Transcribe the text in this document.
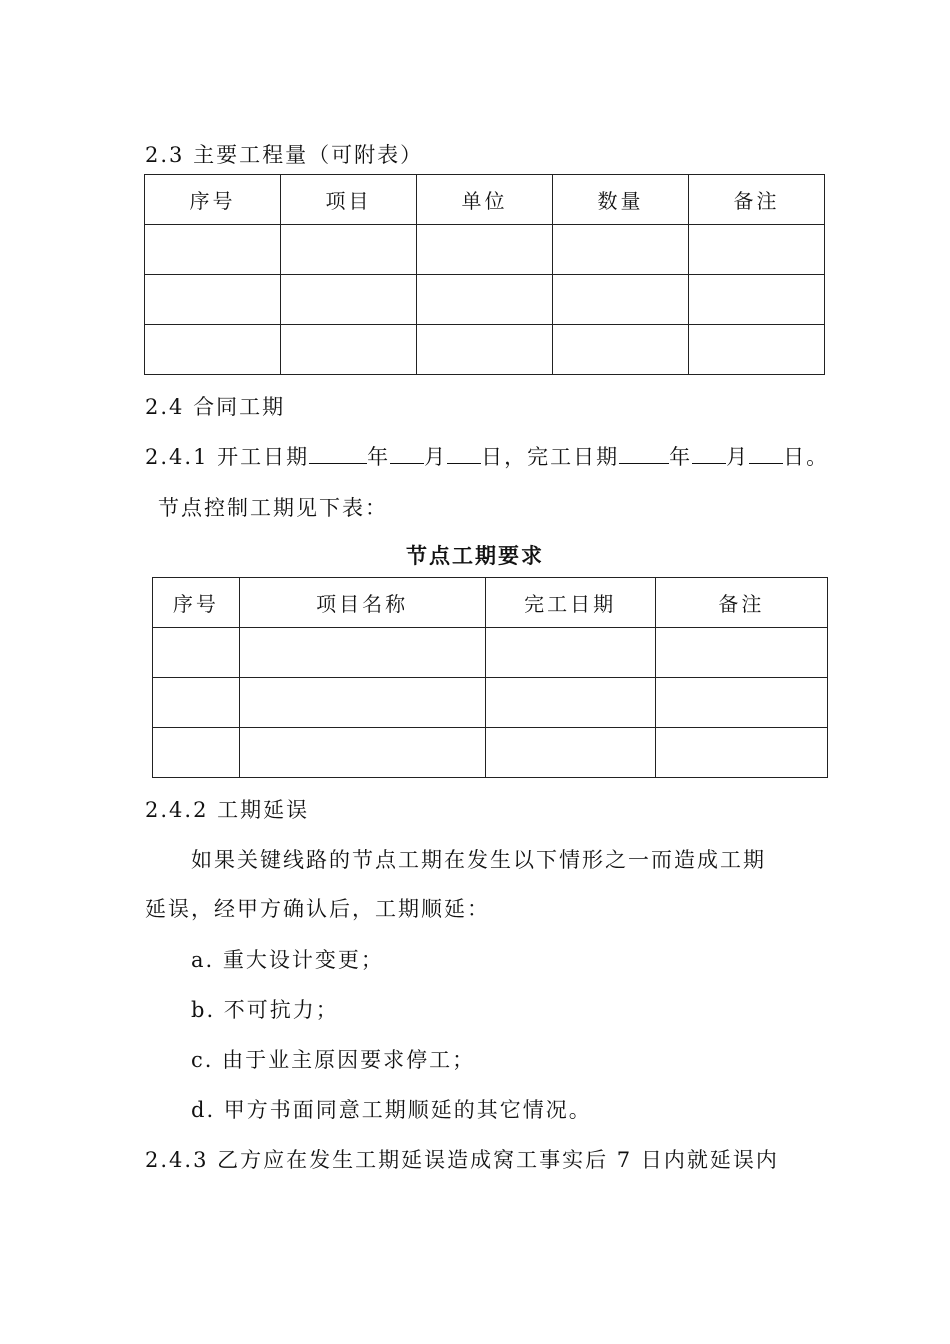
2.3 主要工程量（可附表）
序号	项目	单位	数量	备注

2.4 合同工期
2.4.1 开工日期	年 月 日，完工日期 年 月 日。
节点控制工期见下表：
节点工期要求
序号	项目名称	完工日期	备注

2.4.2 工期延误
如果关键线路的节点工期在发生以下情形之一而造成工期
延误，经甲方确认后，工期顺延：
a. 重大设计变更；
b. 不可抗力；
c. 由于业主原因要求停工；
d. 甲方书面同意工期顺延的其它情况。
2.4.3 乙方应在发生工期延误造成窝工事实后 7 日内就延误内
